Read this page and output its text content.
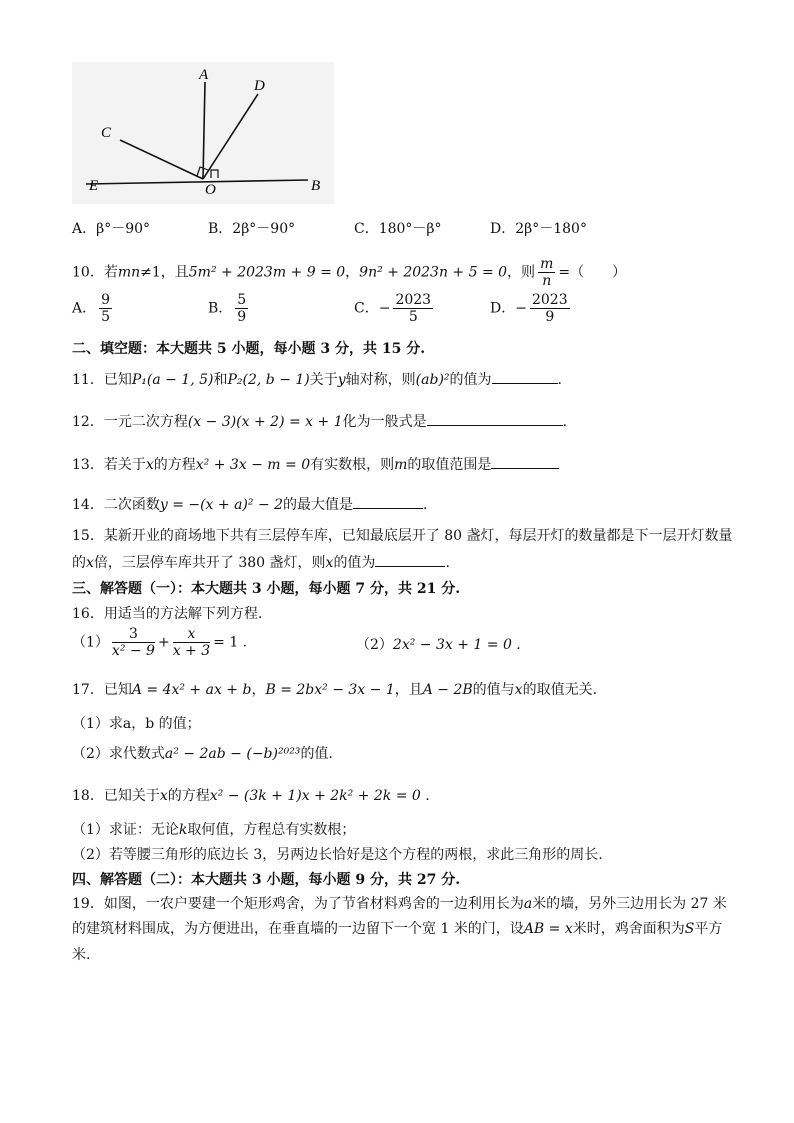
A
D
C
E	O	B
A．β°－90°	B．2β°－90°	C．180°－β°	D．2β°－180°
10．若mn≠1，且5m² + 2023m + 9 = 0，9n² + 2023n + 5 = 0，则 $\frac{m}{n}$ =（　　）
A． $\frac{9}{5}$	B． $\frac{5}{9}$	C．− $\frac{2023}{5}$	D．− $\frac{2023}{9}$
二、填空题：本大题共 5 小题，每小题 3 分，共 15 分.
11．已知P₁(a − 1, 5)和P₂(2, b − 1)关于y轴对称，则(ab)²的值为	.
12．一元二次方程(x − 3)(x + 2) = x + 1化为一般式是	.
13．若关于x的方程x² + 3x − m = 0有实数根，则m的取值范围是
14．二次函数y = −(x + a)² − 2的最大值是	.
15．某新开业的商场地下共有三层停车库，已知最底层开了 80 盏灯，每层开灯的数量都是下一层开灯数量
的x倍，三层停车库共开了 380 盏灯，则x的值为	.
三、解答题（一）：本大题共 3 小题，每小题 7 分，共 21 分.
16．用适当的方法解下列方程.
$(1) \frac{3}{\text{x² − 9}} + \frac{x}{x + 3} = 1$ .	（2）2x² − 3x + 1 = 0 .
17．已知A = 4x² + ax + b，B = 2bx² − 3x − 1，且A − 2B的值与x的取值无关.
（1）求a，b 的值；
（2）求代数式a² − 2ab − (−b)²⁰²³的值.
18．已知关于x的方程x² − (3k + 1)x + 2k² + 2k = 0 .
（1）求证：无论k取何值，方程总有实数根；
（2）若等腰三角形的底边长 3，另两边长恰好是这个方程的两根，求此三角形的周长.
四、解答题（二）：本大题共 3 小题，每小题 9 分，共 27 分.
19．如图，一农户要建一个矩形鸡舍，为了节省材料鸡舍的一边利用长为a米的墙，另外三边用长为 27 米
的建筑材料围成，为方便进出，在垂直墙的一边留下一个宽 1 米的门，设AB = x米时，鸡舍面积为S平方
米.
